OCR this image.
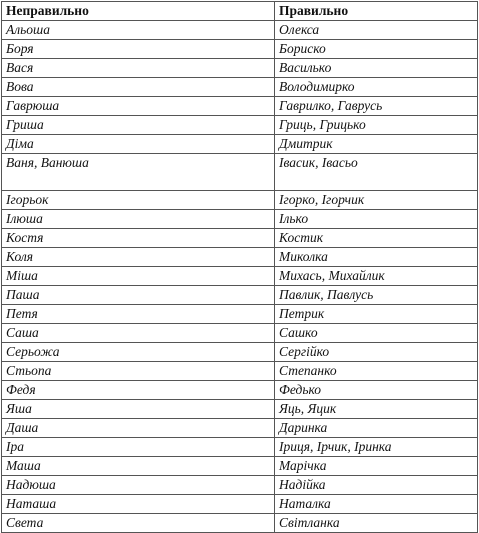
Неправильно	Правильно
Альоша	Олекса
Боря	Бориско
Вася	Василько
Вова	Володимирко
Гаврюша	Гаврилко, Гаврусь
Гриша	Гриць, Грицько
Діма	Дмитрик
Ваня, Ванюша	Івасик, Івасьо
Ігорьок	Ігорко, Ігорчик
Ілюша	Ілько
Костя	Костик
Коля	Миколка
Міша	Михась, Михайлик
Паша	Павлик, Павлусь
Петя	Петрик
Саша	Сашко
Серьожа	Сергійко
Стьопа	Степанко
Федя	Федько
Яша	Яць, Яцик
Даша	Даринка
Іра	Іриця, Ірчик, Іринка
Маша	Марічка
Надюша	Надійка
Наташа	Наталка
Света	Світланка
